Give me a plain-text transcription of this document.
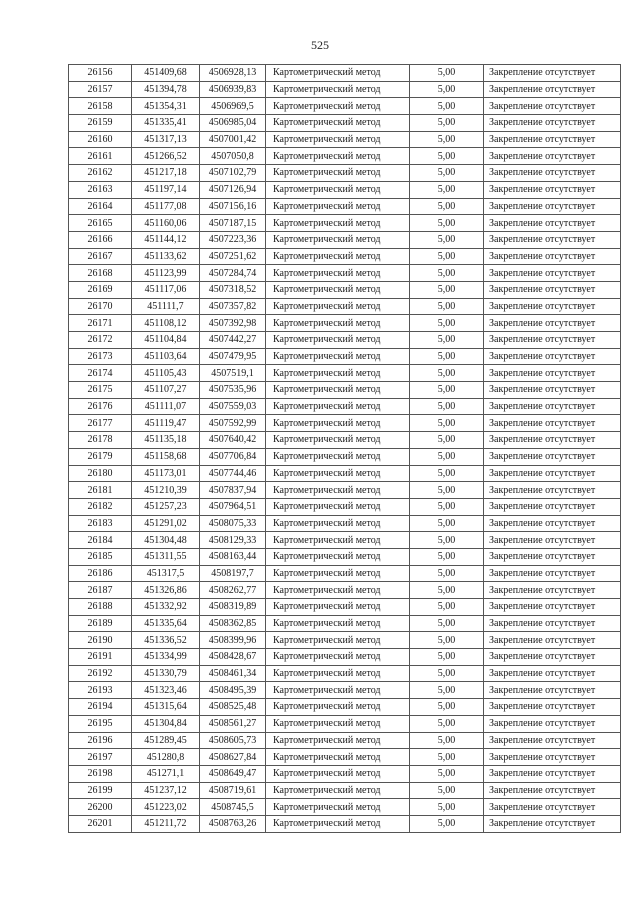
525
26156	451409,68	4506928,13	Картометрический метод	5,00	Закрепление отсутствует
26157	451394,78	4506939,83	Картометрический метод	5,00	Закрепление отсутствует
26158	451354,31	4506969,5	Картометрический метод	5,00	Закрепление отсутствует
26159	451335,41	4506985,04	Картометрический метод	5,00	Закрепление отсутствует
26160	451317,13	4507001,42	Картометрический метод	5,00	Закрепление отсутствует
26161	451266,52	4507050,8	Картометрический метод	5,00	Закрепление отсутствует
26162	451217,18	4507102,79	Картометрический метод	5,00	Закрепление отсутствует
26163	451197,14	4507126,94	Картометрический метод	5,00	Закрепление отсутствует
26164	451177,08	4507156,16	Картометрический метод	5,00	Закрепление отсутствует
26165	451160,06	4507187,15	Картометрический метод	5,00	Закрепление отсутствует
26166	451144,12	4507223,36	Картометрический метод	5,00	Закрепление отсутствует
26167	451133,62	4507251,62	Картометрический метод	5,00	Закрепление отсутствует
26168	451123,99	4507284,74	Картометрический метод	5,00	Закрепление отсутствует
26169	451117,06	4507318,52	Картометрический метод	5,00	Закрепление отсутствует
26170	451111,7	4507357,82	Картометрический метод	5,00	Закрепление отсутствует
26171	451108,12	4507392,98	Картометрический метод	5,00	Закрепление отсутствует
26172	451104,84	4507442,27	Картометрический метод	5,00	Закрепление отсутствует
26173	451103,64	4507479,95	Картометрический метод	5,00	Закрепление отсутствует
26174	451105,43	4507519,1	Картометрический метод	5,00	Закрепление отсутствует
26175	451107,27	4507535,96	Картометрический метод	5,00	Закрепление отсутствует
26176	451111,07	4507559,03	Картометрический метод	5,00	Закрепление отсутствует
26177	451119,47	4507592,99	Картометрический метод	5,00	Закрепление отсутствует
26178	451135,18	4507640,42	Картометрический метод	5,00	Закрепление отсутствует
26179	451158,68	4507706,84	Картометрический метод	5,00	Закрепление отсутствует
26180	451173,01	4507744,46	Картометрический метод	5,00	Закрепление отсутствует
26181	451210,39	4507837,94	Картометрический метод	5,00	Закрепление отсутствует
26182	451257,23	4507964,51	Картометрический метод	5,00	Закрепление отсутствует
26183	451291,02	4508075,33	Картометрический метод	5,00	Закрепление отсутствует
26184	451304,48	4508129,33	Картометрический метод	5,00	Закрепление отсутствует
26185	451311,55	4508163,44	Картометрический метод	5,00	Закрепление отсутствует
26186	451317,5	4508197,7	Картометрический метод	5,00	Закрепление отсутствует
26187	451326,86	4508262,77	Картометрический метод	5,00	Закрепление отсутствует
26188	451332,92	4508319,89	Картометрический метод	5,00	Закрепление отсутствует
26189	451335,64	4508362,85	Картометрический метод	5,00	Закрепление отсутствует
26190	451336,52	4508399,96	Картометрический метод	5,00	Закрепление отсутствует
26191	451334,99	4508428,67	Картометрический метод	5,00	Закрепление отсутствует
26192	451330,79	4508461,34	Картометрический метод	5,00	Закрепление отсутствует
26193	451323,46	4508495,39	Картометрический метод	5,00	Закрепление отсутствует
26194	451315,64	4508525,48	Картометрический метод	5,00	Закрепление отсутствует
26195	451304,84	4508561,27	Картометрический метод	5,00	Закрепление отсутствует
26196	451289,45	4508605,73	Картометрический метод	5,00	Закрепление отсутствует
26197	451280,8	4508627,84	Картометрический метод	5,00	Закрепление отсутствует
26198	451271,1	4508649,47	Картометрический метод	5,00	Закрепление отсутствует
26199	451237,12	4508719,61	Картометрический метод	5,00	Закрепление отсутствует
26200	451223,02	4508745,5	Картометрический метод	5,00	Закрепление отсутствует
26201	451211,72	4508763,26	Картометрический метод	5,00	Закрепление отсутствует
